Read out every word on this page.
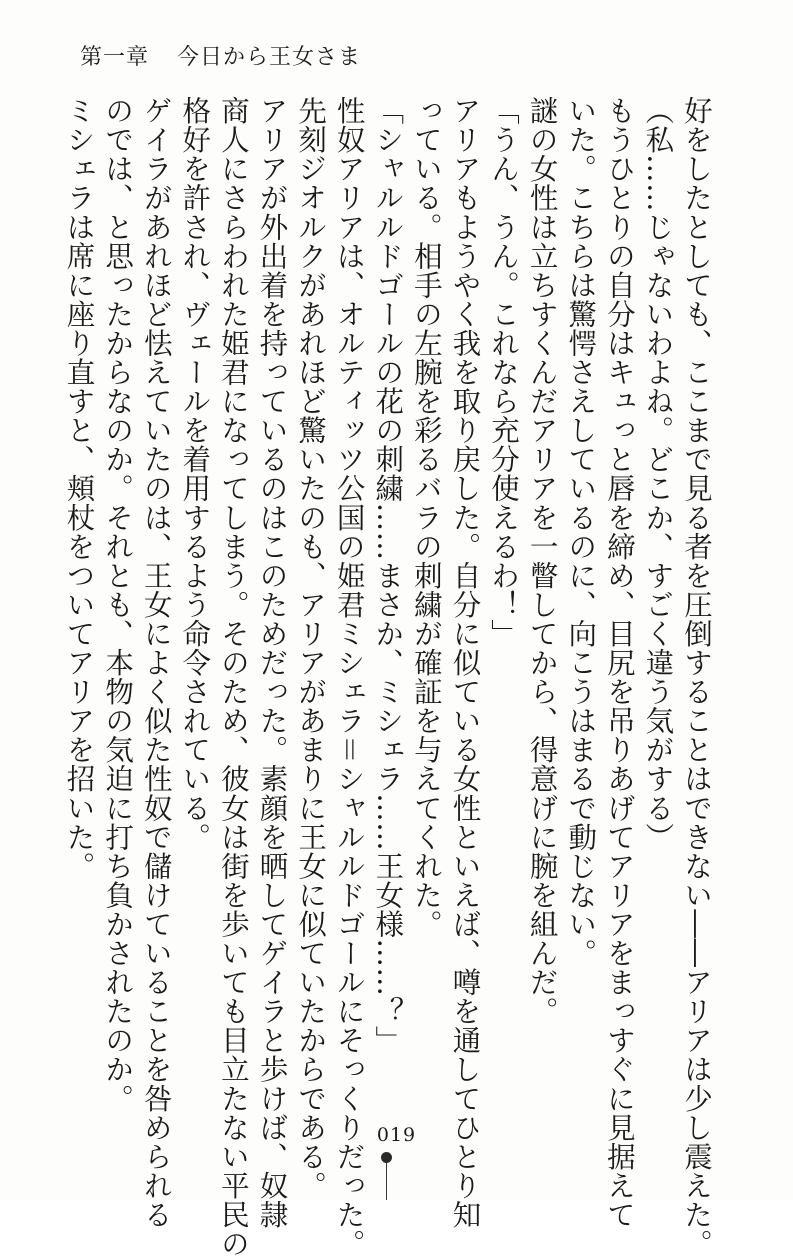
第一章 今日から王女さま

好をしたとしても、ここまで見る者を圧倒することはできない――アリアは少し震えた。

（私……じゃないわよね。どこか、すごく違う気がする）

もうひとりの自分はキュっと唇を締め、目尻を吊りあげてアリアをまっすぐに見据えて

いた。こちらは驚愕さえしているのに、向こうはまるで動じない。

謎の女性は立ちすくんだアリアを一瞥してから、得意げに腕を組んだ。

「うん、うん。これなら充分使えるわ！」

アリアもようやく我を取り戻した。自分に似ている女性といえば、噂を通してひとり知

っている。相手の左腕を彩るバラの刺繍が確証を与えてくれた。

「シャルルドゴールの花の刺繍……まさか、ミシェラ……王女様……？」

性奴アリアは、オルティッツ公国の姫君ミシェラ＝シャルルドゴールにそっくりだった。

先刻ジオルクがあれほど驚いたのも、アリアがあまりに王女に似ていたからである。

アリアが外出着を持っているのはこのためだった。素顔を晒してゲイラと歩けば、奴隷

商人にさらわれた姫君になってしまう。そのため、彼女は街を歩いても目立たない平民の

格好を許され、ヴェールを着用するよう命令されている。

ゲイラがあれほど怯えていたのは、王女によく似た性奴で儲けていることを咎められる

のでは、と思ったからなのか。それとも、本物の気迫に打ち負かされたのか。

ミシェラは席に座り直すと、頬杖をついてアリアを招いた。

019
